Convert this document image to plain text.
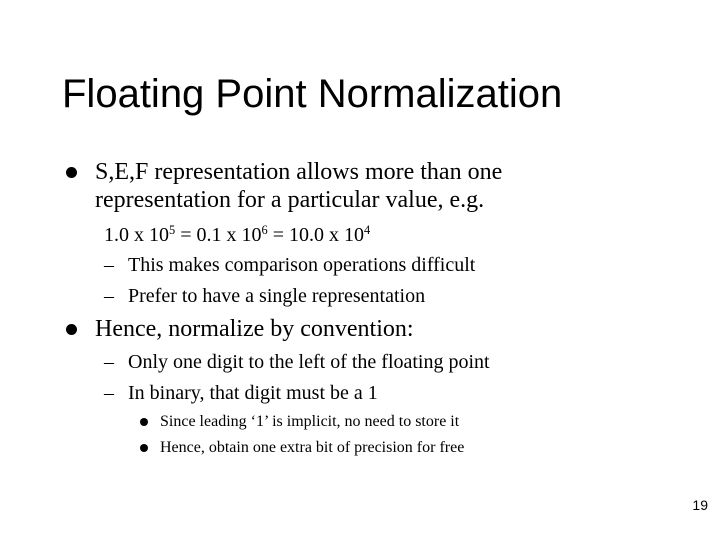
Floating Point Normalization
S,E,F representation allows more than one
representation for a particular value, e.g.
1.0 x $10^5 = 0.1$ x $10^6 = 10.0$ x $10^4$
– This makes comparison operations difficult
– Prefer to have a single representation
Hence, normalize by convention:
– Only one digit to the left of the floating point
– In binary, that digit must be a 1
Since leading ‘1’ is implicit, no need to store it
Hence, obtain one extra bit of precision for free
19
